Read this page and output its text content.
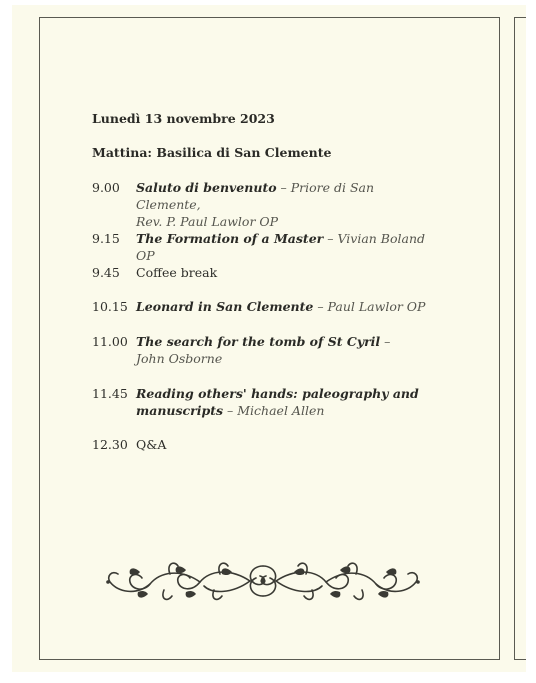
Lunedì 13 novembre 2023
Mattina: Basilica di San Clemente
9.00	Saluto di benvenuto – Priore di San Clemente,
Rev. P. Paul Lawlor OP
9.15	The Formation of a Master – Vivian Boland OP
9.45	Coffee break
10.15 Leonard in San Clemente – Paul Lawlor OP
11.00 The search for the tomb of St Cyril –
John Osborne
11.45 Reading others' hands: paleography and
manuscripts – Michael Allen
12.30 Q&A
